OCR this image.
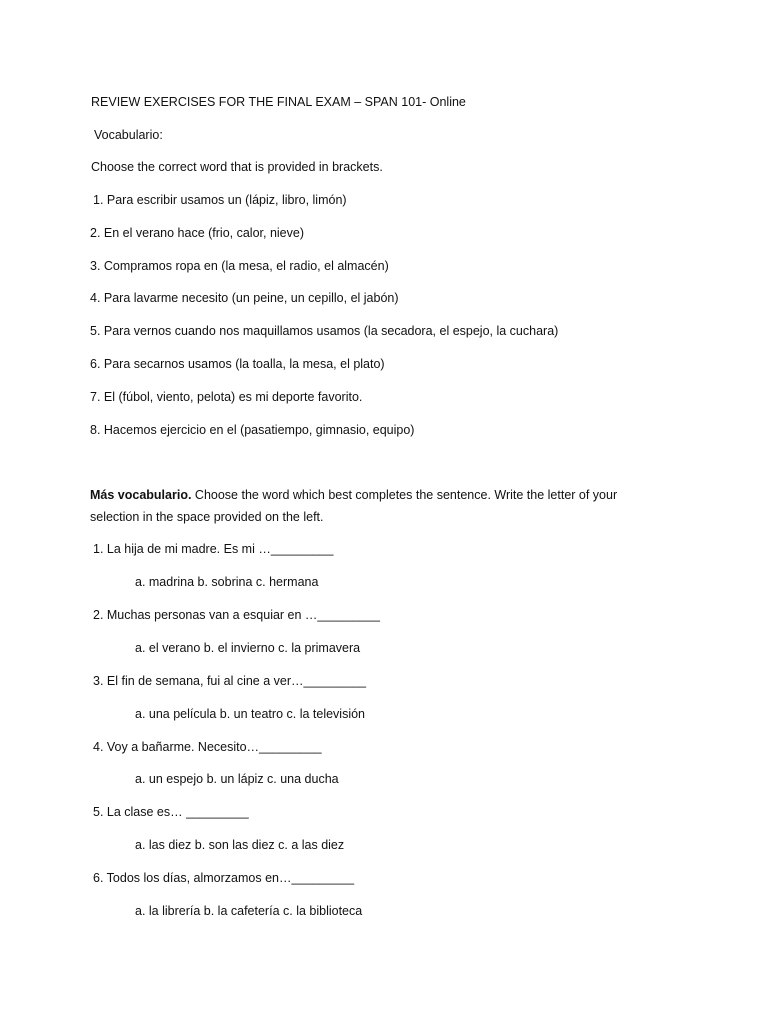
REVIEW EXERCISES FOR THE FINAL EXAM – SPAN 101- Online
Vocabulario:
Choose the correct word that is provided in brackets.
1. Para escribir usamos un (lápiz, libro, limón)
2. En el verano hace (frio, calor, nieve)
3. Compramos ropa en (la mesa, el radio, el almacén)
4. Para lavarme necesito (un peine, un cepillo, el jabón)
5. Para vernos cuando nos maquillamos usamos (la secadora, el espejo, la cuchara)
6. Para secarnos usamos (la toalla, la mesa, el plato)
7. El (fúbol, viento, pelota) es mi deporte favorito.
8. Hacemos ejercicio en el (pasatiempo, gimnasio, equipo)
Más vocabulario. Choose the word which best completes the sentence. Write the letter of your
selection in the space provided on the left.
1. La hija de mi madre. Es mi …_________
a. madrina b. sobrina c. hermana
2. Muchas personas van a esquiar en …_________
a. el verano b. el invierno c. la primavera
3. El fin de semana, fui al cine a ver…_________
a. una película b. un teatro c. la televisión
4. Voy a bañarme. Necesito…_________
a. un espejo b. un lápiz c. una ducha
5. La clase es… _________
a. las diez b. son las diez c. a las diez
6. Todos los días, almorzamos en…_________
a. la librería b. la cafetería c. la biblioteca
